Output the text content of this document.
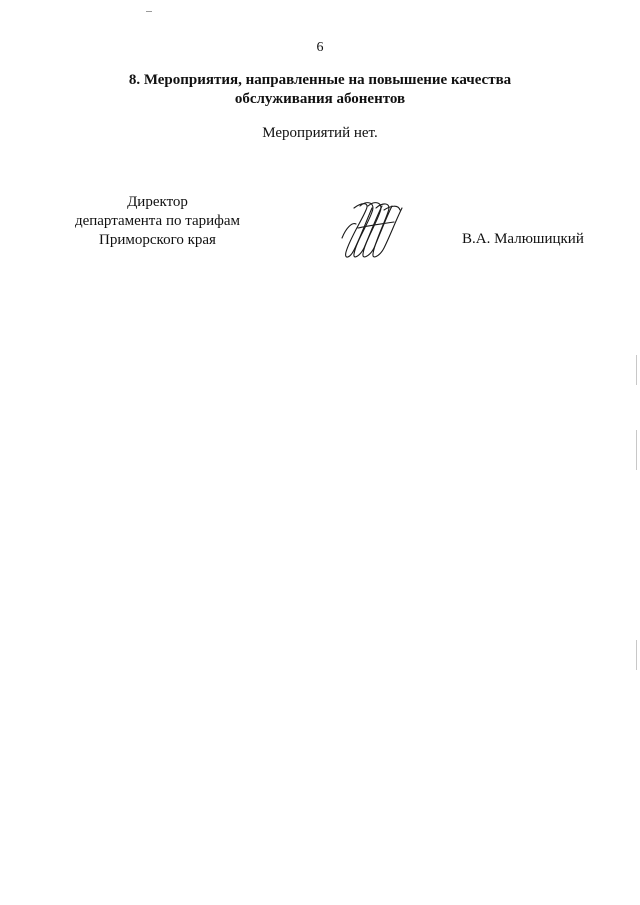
6
8. Мероприятия, направленные на повышение качества
обслуживания абонентов
Мероприятий нет.
Директор
департамента по тарифам
Приморского края	В.А. Малюшицкий
